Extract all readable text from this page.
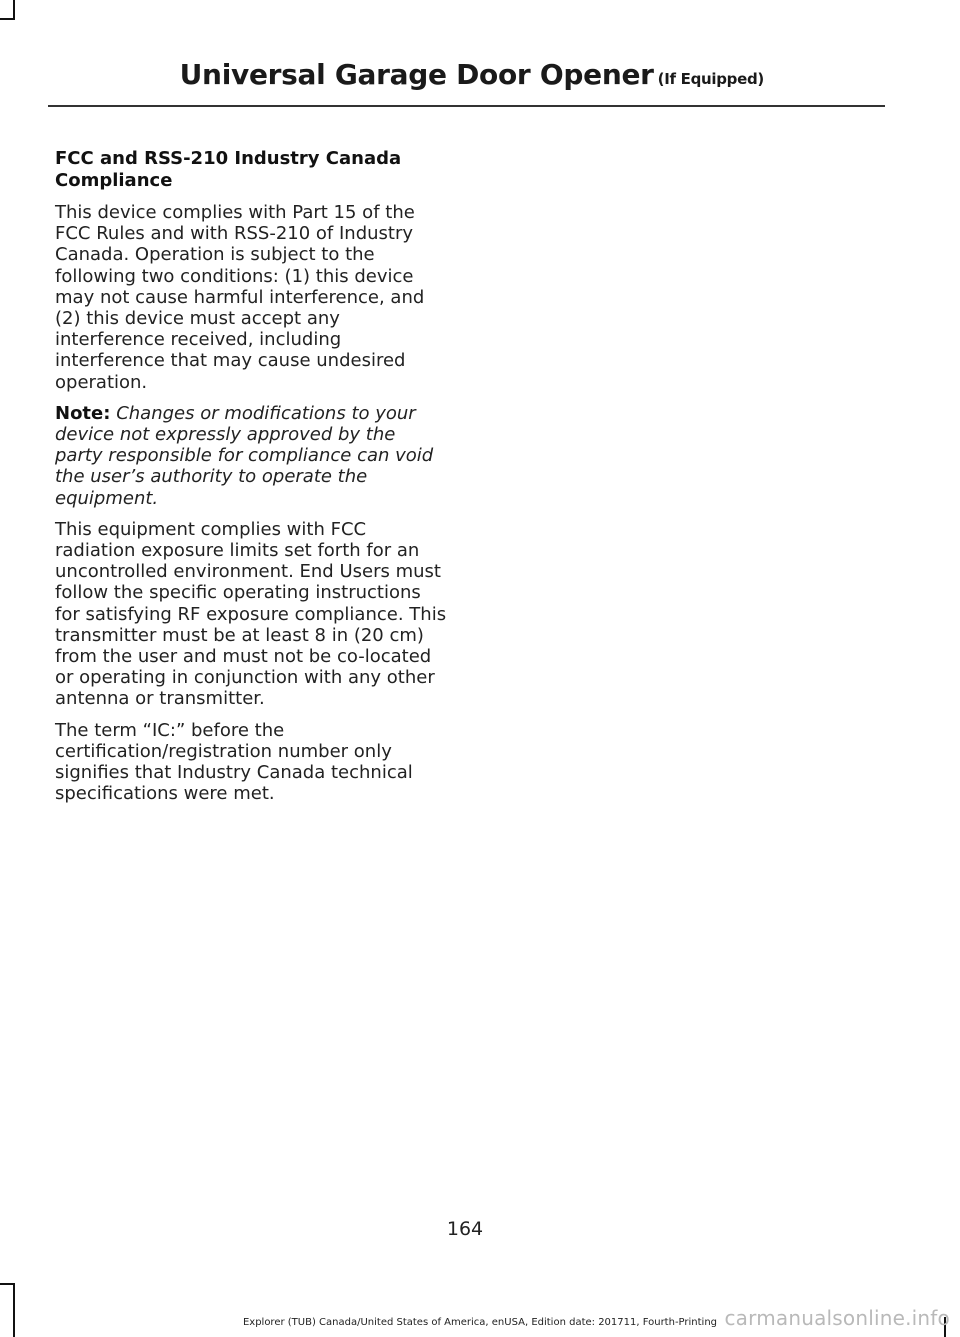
Universal Garage Door Opener (If Equipped)
FCC and RSS-210 Industry Canada Compliance

This device complies with Part 15 of the FCC Rules and with RSS-210 of Industry Canada. Operation is subject to the following two conditions: (1) this device may not cause harmful interference, and (2) this device must accept any interference received, including interference that may cause undesired operation.

Note: Changes or modifications to your device not expressly approved by the party responsible for compliance can void the user’s authority to operate the equipment.

This equipment complies with FCC radiation exposure limits set forth for an uncontrolled environment. End Users must follow the specific operating instructions for satisfying RF exposure compliance. This transmitter must be at least 8 in (20 cm) from the user and must not be co-located or operating in conjunction with any other antenna or transmitter.

The term “IC:” before the certification/registration number only signifies that Industry Canada technical specifications were met.

164
Explorer (TUB) Canada/United States of America, enUSA, Edition date: 201711, Fourth-Printing carmanualsonline.info
